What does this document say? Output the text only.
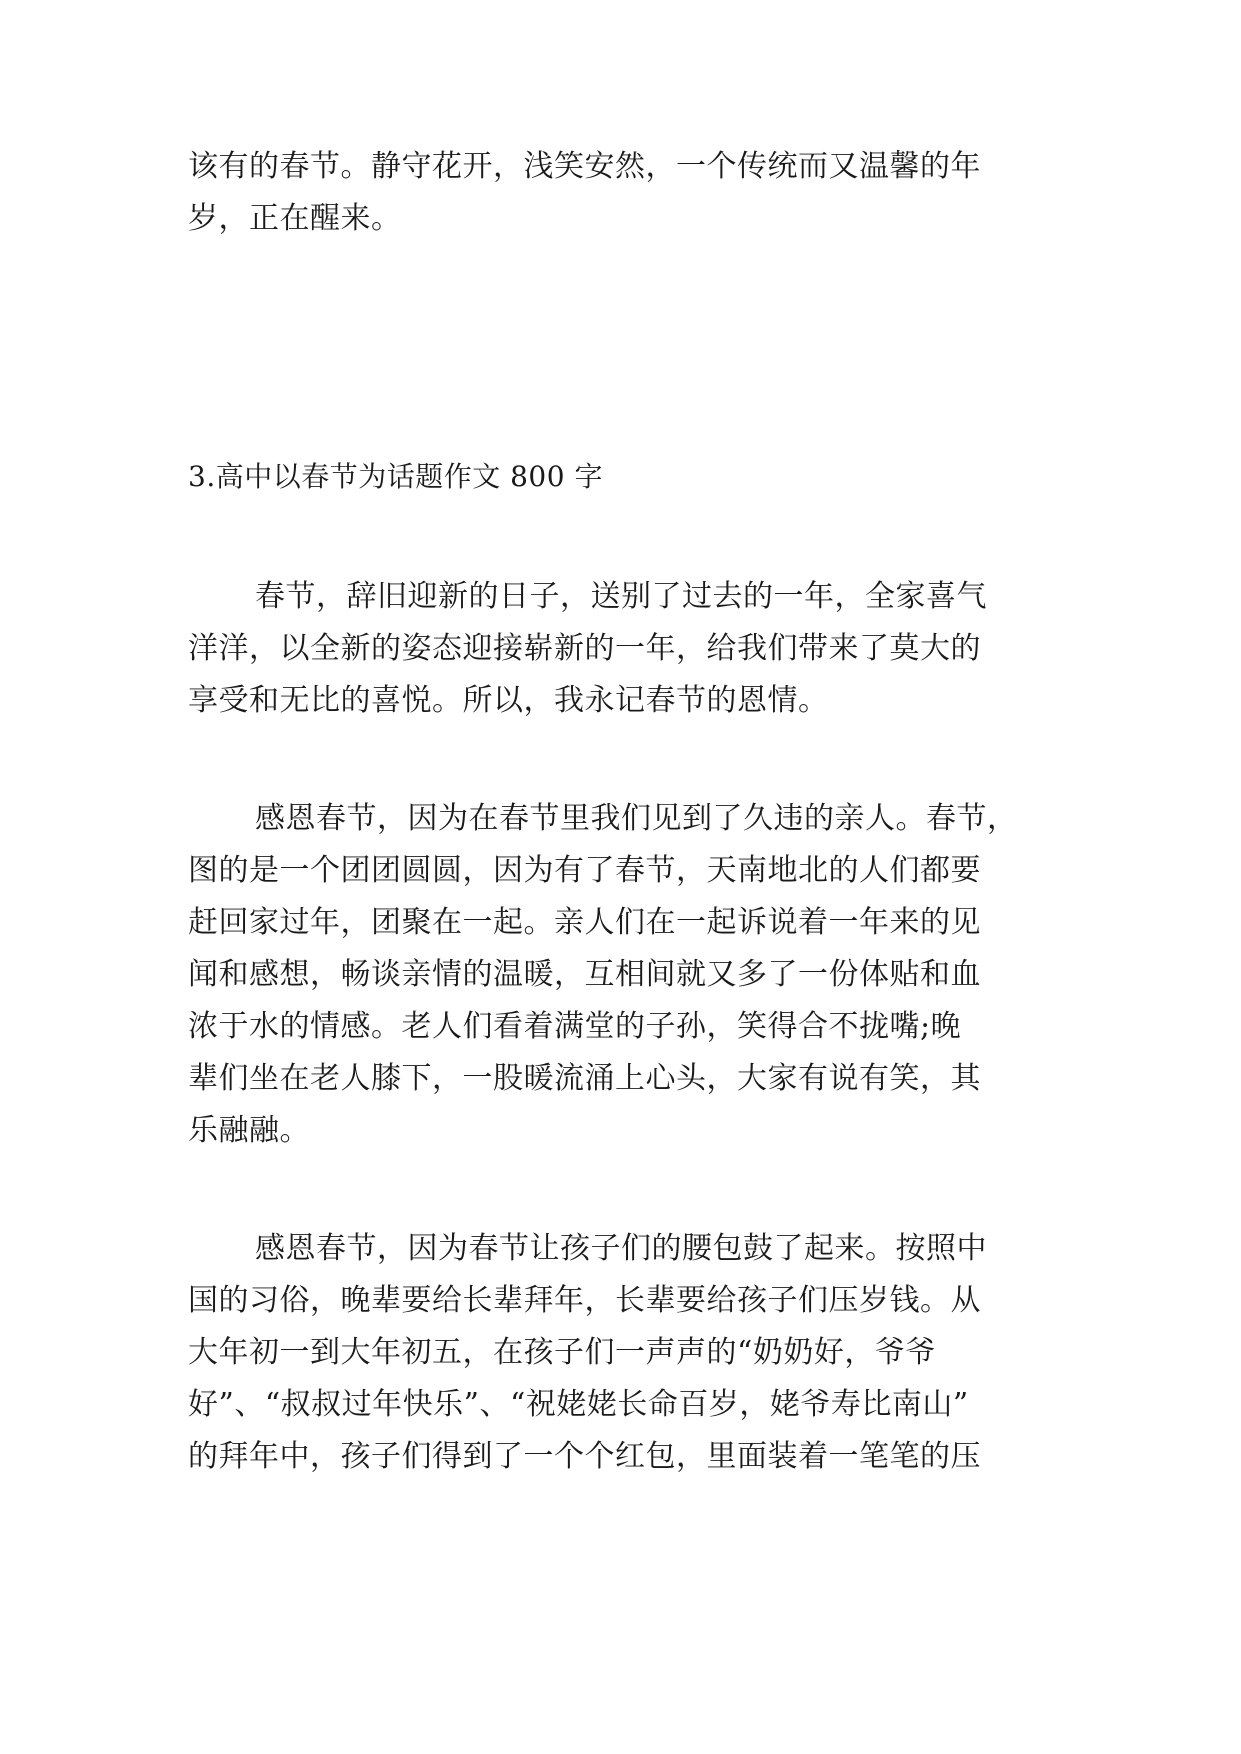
该有的春节。静守花开，浅笑安然，一个传统而又温馨的年
岁，正在醒来。
3.高中以春节为话题作文 800 字
春节，辞旧迎新的日子，送别了过去的一年，全家喜气
洋洋，以全新的姿态迎接崭新的一年，给我们带来了莫大的
享受和无比的喜悦。所以，我永记春节的恩情。
感恩春节，因为在春节里我们见到了久违的亲人。春节，
图的是一个团团圆圆，因为有了春节，天南地北的人们都要
赶回家过年，团聚在一起。亲人们在一起诉说着一年来的见
闻和感想，畅谈亲情的温暖，互相间就又多了一份体贴和血
浓于水的情感。老人们看着满堂的子孙，笑得合不拢嘴;晚
辈们坐在老人膝下，一股暖流涌上心头，大家有说有笑，其
乐融融。
感恩春节，因为春节让孩子们的腰包鼓了起来。按照中
国的习俗，晚辈要给长辈拜年，长辈要给孩子们压岁钱。从
大年初一到大年初五，在孩子们一声声的“奶奶好，爷爷
好”、“叔叔过年快乐”、“祝姥姥长命百岁，姥爷寿比南山”
的拜年中，孩子们得到了一个个红包，里面装着一笔笔的压
